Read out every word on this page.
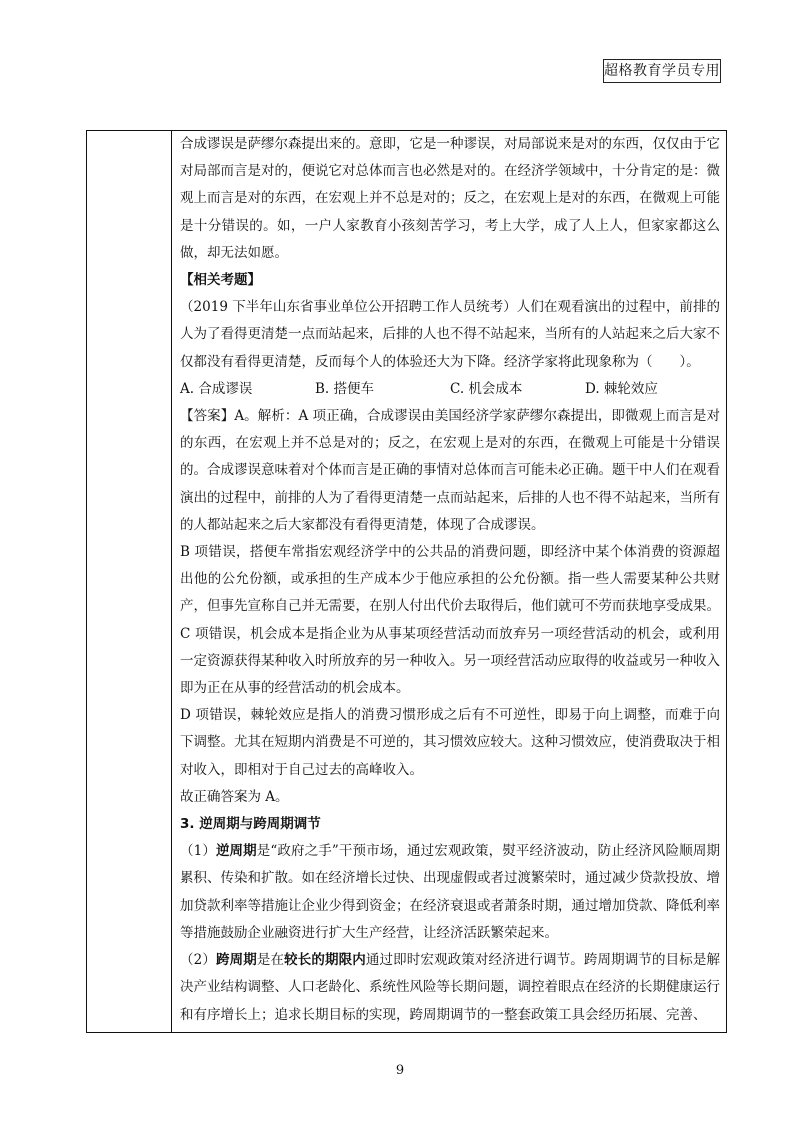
超格教育学员专用

合成谬误是萨缪尔森提出来的。意即，它是一种谬误，对局部说来是对的东西，仅仅由于它对局部而言是对的，便说它对总体而言也必然是对的。在经济学领域中，十分肯定的是：微观上而言是对的东西，在宏观上并不总是对的；反之，在宏观上是对的东西，在微观上可能是十分错误的。如，一户人家教育小孩刻苦学习，考上大学，成了人上人，但家家都这么做，却无法如愿。

【相关考题】

（2019 下半年山东省事业单位公开招聘工作人员统考）人们在观看演出的过程中，前排的人为了看得更清楚一点而站起来，后排的人也不得不站起来，当所有的人站起来之后大家不仅都没有看得更清楚，反而每个人的体验还大为下降。经济学家将此现象称为（　　）。

A. 合成谬误	B. 搭便车	C. 机会成本	D. 棘轮效应

【答案】A。解析：A 项正确，合成谬误由美国经济学家萨缪尔森提出，即微观上而言是对的东西，在宏观上并不总是对的；反之，在宏观上是对的东西，在微观上可能是十分错误的。合成谬误意味着对个体而言是正确的事情对总体而言可能未必正确。题干中人们在观看演出的过程中，前排的人为了看得更清楚一点而站起来，后排的人也不得不站起来，当所有的人都站起来之后大家都没有看得更清楚，体现了合成谬误。

B 项错误，搭便车常指宏观经济学中的公共品的消费问题，即经济中某个体消费的资源超出他的公允份额，或承担的生产成本少于他应承担的公允份额。指一些人需要某种公共财产，但事先宣称自己并无需要，在别人付出代价去取得后，他们就可不劳而获地享受成果。

C 项错误，机会成本是指企业为从事某项经营活动而放弃另一项经营活动的机会，或利用一定资源获得某种收入时所放弃的另一种收入。另一项经营活动应取得的收益或另一种收入即为正在从事的经营活动的机会成本。

D 项错误，棘轮效应是指人的消费习惯形成之后有不可逆性，即易于向上调整，而难于向下调整。尤其在短期内消费是不可逆的，其习惯效应较大。这种习惯效应，使消费取决于相对收入，即相对于自己过去的高峰收入。

故正确答案为 A。

3. 逆周期与跨周期调节

（1）逆周期是“政府之手”干预市场，通过宏观政策，熨平经济波动，防止经济风险顺周期累积、传染和扩散。如在经济增长过快、出现虚假或者过渡繁荣时，通过减少贷款投放、增加贷款利率等措施让企业少得到资金；在经济衰退或者萧条时期，通过增加贷款、降低利率等措施鼓励企业融资进行扩大生产经营，让经济活跃繁荣起来。

（2）跨周期是在较长的期限内通过即时宏观政策对经济进行调节。跨周期调节的目标是解决产业结构调整、人口老龄化、系统性风险等长期问题，调控着眼点在经济的长期健康运行和有序增长上；追求长期目标的实现，跨周期调节的一整套政策工具会经历拓展、完善、

9
